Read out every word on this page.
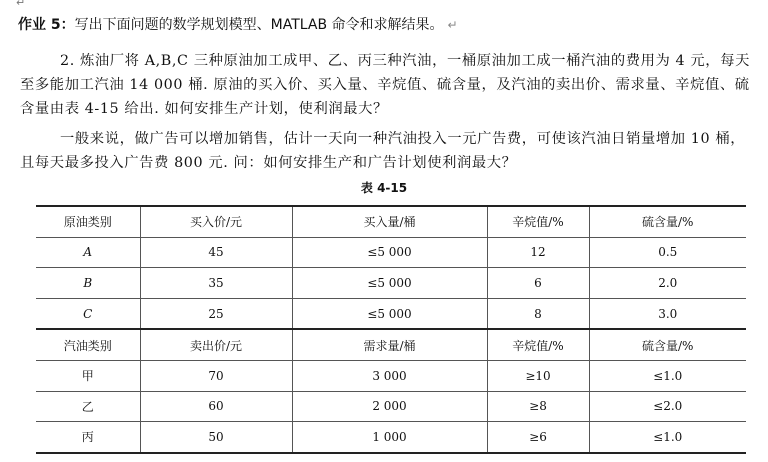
↵
作业 5：写出下面问题的数学规划模型、MATLAB 命令和求解结果。 ↵
2. 炼油厂将 A,B,C 三种原油加工成甲、乙、丙三种汽油，一桶原油加工成一桶汽油的费用为 4 元，每天至多能加工汽油 14 000 桶. 原油的买入价、买入量、辛烷值、硫含量，及汽油的卖出价、需求量、辛烷值、硫含量由表 4-15 给出. 如何安排生产计划，使利润最大？
一般来说，做广告可以增加销售，估计一天向一种汽油投入一元广告费，可使该汽油日销量增加 10 桶，且每天最多投入广告费 800 元. 问：如何安排生产和广告计划使利润最大？
表 4-15
原油类别	买入价/元	买入量/桶	辛烷值/%	硫含量/%
A	45	≤5 000	12	0.5
B	35	≤5 000	6	2.0
C	25	≤5 000	8	3.0
汽油类别	卖出价/元	需求量/桶	辛烷值/%	硫含量/%
甲	70	3 000	≥10	≤1.0
乙	60	2 000	≥8	≤2.0
丙	50	1 000	≥6	≤1.0
